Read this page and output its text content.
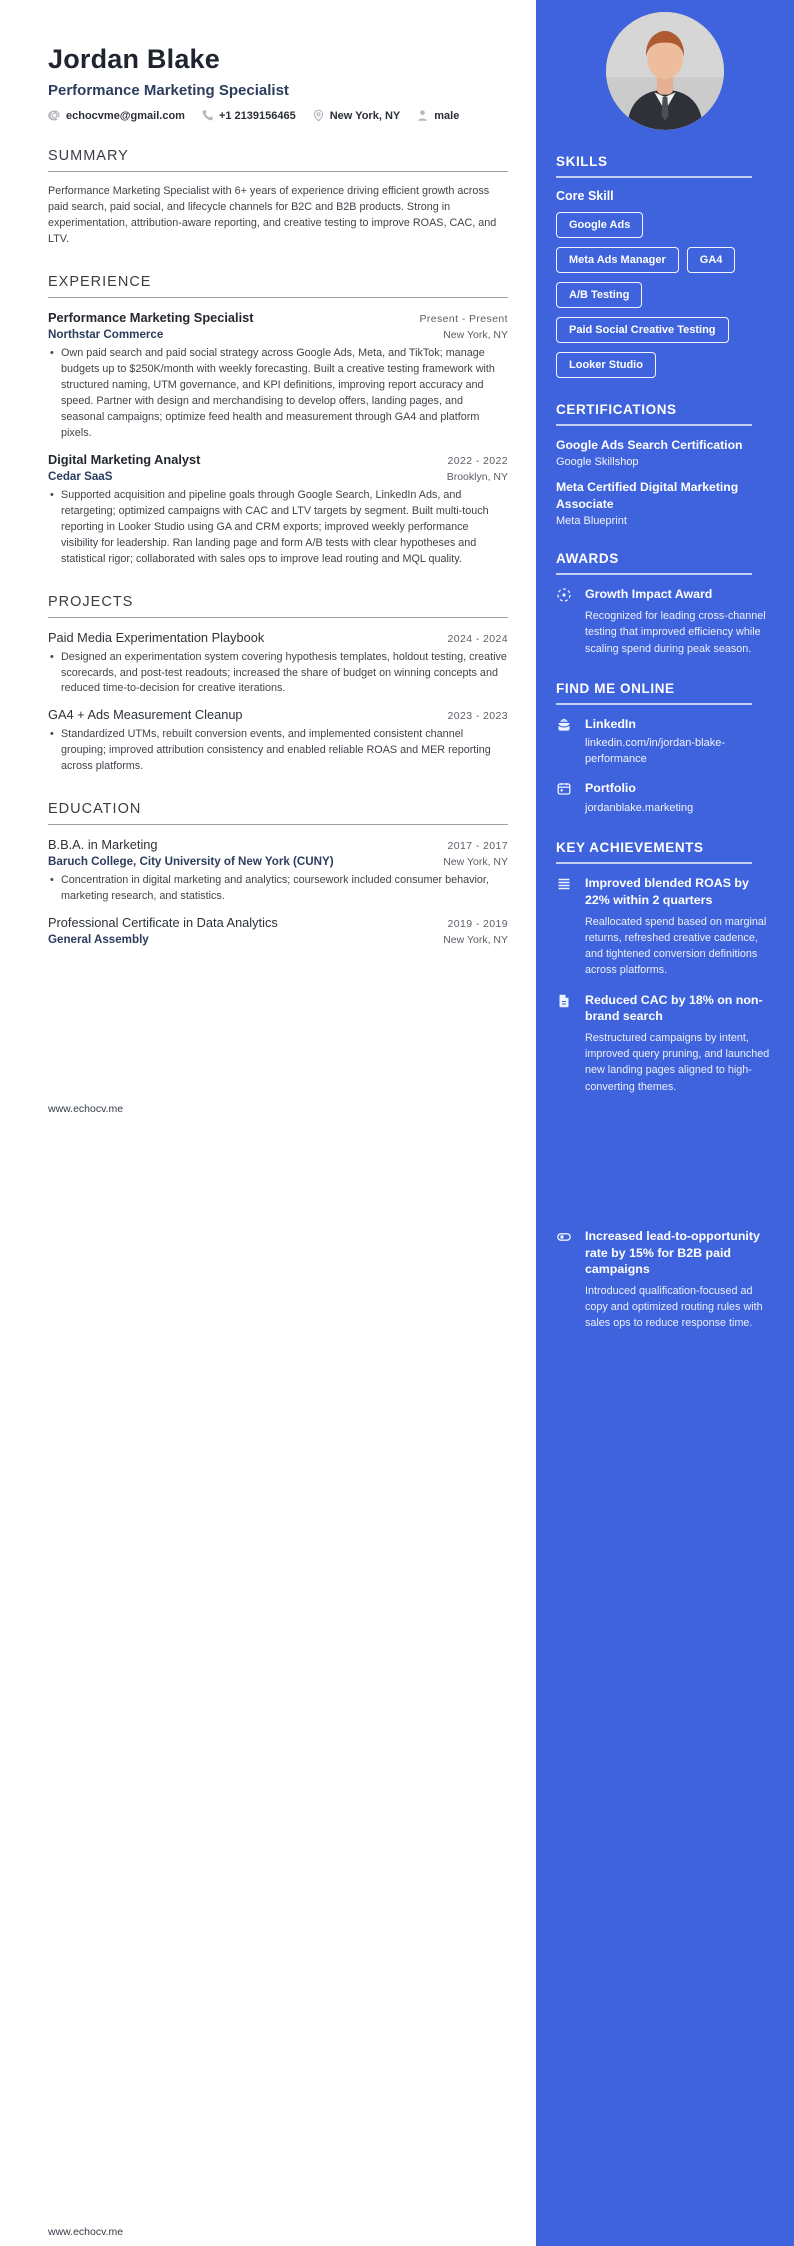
Jordan Blake
Performance Marketing Specialist
echocvme@gmail.com	+1 2139156465	New York, NY	male
SUMMARY

Performance Marketing Specialist with 6+ years of experience driving efficient growth across paid search, paid social, and lifecycle channels for B2C and B2B products. Strong in experimentation, attribution-aware reporting, and creative testing to improve ROAS, CAC, and LTV.

EXPERIENCE
Performance Marketing Specialist	Present - Present
Northstar Commerce	New York, NY
• Own paid search and paid social strategy across Google Ads, Meta, and TikTok; manage budgets up to $250K/month with weekly forecasting. Built a creative testing framework with structured naming, UTM governance, and KPI definitions, improving report accuracy and speed. Partner with design and merchandising to develop offers, landing pages, and seasonal campaigns; optimize feed health and measurement through GA4 and platform pixels.
Digital Marketing Analyst	2022 - 2022
Cedar SaaS	Brooklyn, NY
• Supported acquisition and pipeline goals through Google Search, LinkedIn Ads, and retargeting; optimized campaigns with CAC and LTV targets by segment. Built multi-touch reporting in Looker Studio using GA and CRM exports; improved weekly performance visibility for leadership. Ran landing page and form A/B tests with clear hypotheses and statistical rigor; collaborated with sales ops to improve lead routing and MQL quality.
PROJECTS
Paid Media Experimentation Playbook	2024 - 2024
• Designed an experimentation system covering hypothesis templates, holdout testing, creative scorecards, and post-test readouts; increased the share of budget on winning concepts and reduced time-to-decision for creative iterations.
GA4 + Ads Measurement Cleanup	2023 - 2023
• Standardized UTMs, rebuilt conversion events, and implemented consistent channel grouping; improved attribution consistency and enabled reliable ROAS and MER reporting across platforms.
EDUCATION
B.B.A. in Marketing	2017 - 2017
Baruch College, City University of New York (CUNY)	New York, NY
• Concentration in digital marketing and analytics; coursework included consumer behavior, marketing research, and statistics.
Professional Certificate in Data Analytics	2019 - 2019
General Assembly	New York, NY
www.echocv.me
www.echocv.me
SKILLS
Core Skill
Google Ads
Meta Ads Manager	GA4
A/B Testing
Paid Social Creative Testing
Looker Studio
CERTIFICATIONS
Google Ads Search Certification
Google Skillshop
Meta Certified Digital Marketing Associate
Meta Blueprint
AWARDS
Growth Impact Award
Recognized for leading cross-channel testing that improved efficiency while scaling spend during peak season.
FIND ME ONLINE
LinkedIn
linkedin.com/in/jordan-blake-performance
Portfolio
jordanblake.marketing
KEY ACHIEVEMENTS
Improved blended ROAS by 22% within 2 quarters
Reallocated spend based on marginal returns, refreshed creative cadence, and tightened conversion definitions across platforms.
Reduced CAC by 18% on non-brand search
Restructured campaigns by intent, improved query pruning, and launched new landing pages aligned to high-converting themes.
Increased lead-to-opportunity rate by 15% for B2B paid campaigns
Introduced qualification-focused ad copy and optimized routing rules with sales ops to reduce response time.
